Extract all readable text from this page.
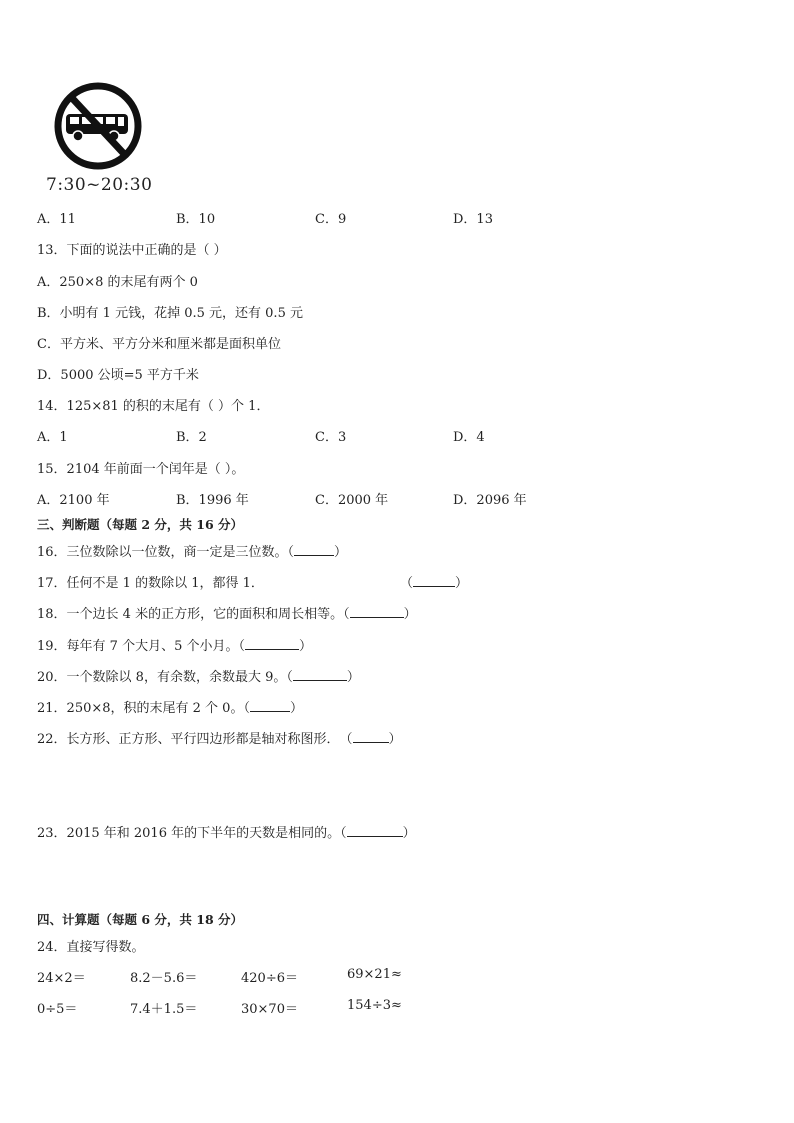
7:30~20:30
A．11	B．10	C．9	D．13
13．下面的说法中正确的是（ ）
A．250×8 的末尾有两个 0
B．小明有 1 元钱，花掉 0.5 元，还有 0.5 元
C．平方米、平方分米和厘米都是面积单位
D．5000 公顷=5 平方千米
14．125×81 的积的末尾有（ ）个 1．
A．1	B．2	C．3	D．4
15．2104 年前面一个闰年是（ ）。
A．2100 年	B．1996 年	C．2000 年	D．2096 年
三、判断题（每题 2 分，共 16 分）
16．三位数除以一位数，商一定是三位数。（	）
17．任何不是 1 的数除以 1，都得 1．	（	）
18．一个边长 4 米的正方形，它的面积和周长相等。（	）
19．每年有 7 个大月、5 个小月。（	）
20．一个数除以 8，有余数，余数最大 9。（	）
21．250×8，积的末尾有 2 个 0。（	）
22．长方形、正方形、平行四边形都是轴对称图形．　（	）
23．2015 年和 2016 年的下半年的天数是相同的。（	）
四、计算题（每题 6 分，共 18 分）
24．直接写得数。
24×2＝	8.2－5.6＝	420÷6＝	69×21≈
0÷5＝	7.4＋1.5＝	30×70＝	154÷3≈
